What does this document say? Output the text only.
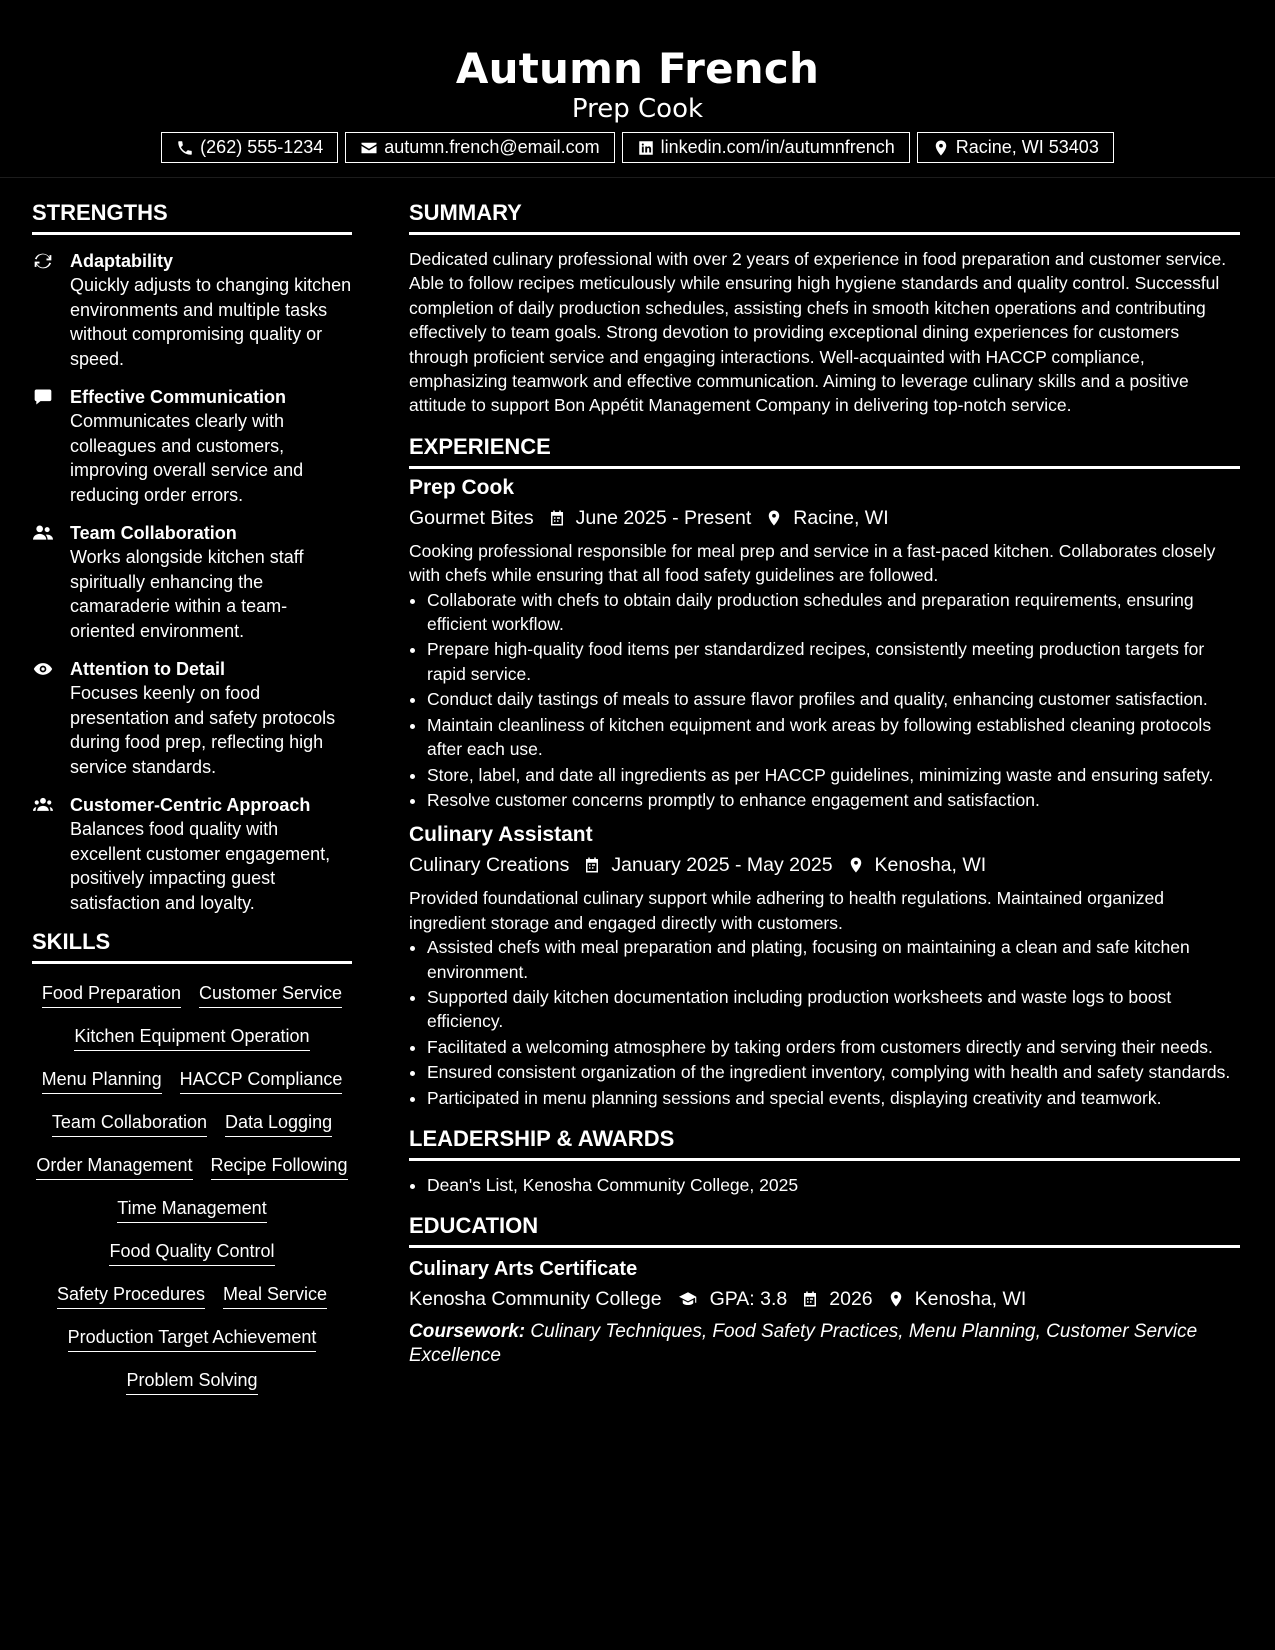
Autumn French
Prep Cook
(262) 555-1234	autumn.french@email.com	linkedin.com/in/autumnfrench	Racine, WI 53403
STRENGTHS
Adaptability
Quickly adjusts to changing kitchen environments and multiple tasks without compromising quality or speed.
Effective Communication
Communicates clearly with colleagues and customers, improving overall service and reducing order errors.
Team Collaboration
Works alongside kitchen staff spiritually enhancing the camaraderie within a team-oriented environment.
Attention to Detail
Focuses keenly on food presentation and safety protocols during food prep, reflecting high service standards.
Customer-Centric Approach
Balances food quality with excellent customer engagement, positively impacting guest satisfaction and loyalty.
SKILLS
Food Preparation Customer Service
Kitchen Equipment Operation
Menu Planning HACCP Compliance
Team Collaboration Data Logging
Order Management Recipe Following
Time Management
Food Quality Control
Safety Procedures Meal Service
Production Target Achievement
Problem Solving
SUMMARY
Dedicated culinary professional with over 2 years of experience in food preparation and customer service. Able to follow recipes meticulously while ensuring high hygiene standards and quality control. Successful completion of daily production schedules, assisting chefs in smooth kitchen operations and contributing effectively to team goals. Strong devotion to providing exceptional dining experiences for customers through proficient service and engaging interactions. Well-acquainted with HACCP compliance, emphasizing teamwork and effective communication. Aiming to leverage culinary skills and a positive attitude to support Bon Appétit Management Company in delivering top-notch service.
EXPERIENCE
Prep Cook
Gourmet Bites June 2025 - Present Racine, WI
Cooking professional responsible for meal prep and service in a fast-paced kitchen. Collaborates closely with chefs while ensuring that all food safety guidelines are followed.
• Collaborate with chefs to obtain daily production schedules and preparation requirements, ensuring efficient workflow.
• Prepare high-quality food items per standardized recipes, consistently meeting production targets for rapid service.
• Conduct daily tastings of meals to assure flavor profiles and quality, enhancing customer satisfaction.
• Maintain cleanliness of kitchen equipment and work areas by following established cleaning protocols after each use.
• Store, label, and date all ingredients as per HACCP guidelines, minimizing waste and ensuring safety.
• Resolve customer concerns promptly to enhance engagement and satisfaction.
Culinary Assistant
Culinary Creations January 2025 - May 2025 Kenosha, WI
Provided foundational culinary support while adhering to health regulations. Maintained organized ingredient storage and engaged directly with customers.
• Assisted chefs with meal preparation and plating, focusing on maintaining a clean and safe kitchen environment.
• Supported daily kitchen documentation including production worksheets and waste logs to boost efficiency.
• Facilitated a welcoming atmosphere by taking orders from customers directly and serving their needs.
• Ensured consistent organization of the ingredient inventory, complying with health and safety standards.
• Participated in menu planning sessions and special events, displaying creativity and teamwork.
LEADERSHIP & AWARDS
• Dean's List, Kenosha Community College, 2025
EDUCATION
Culinary Arts Certificate
Kenosha Community College GPA: 3.8 2026 Kenosha, WI
Coursework: Culinary Techniques, Food Safety Practices, Menu Planning, Customer Service Excellence
